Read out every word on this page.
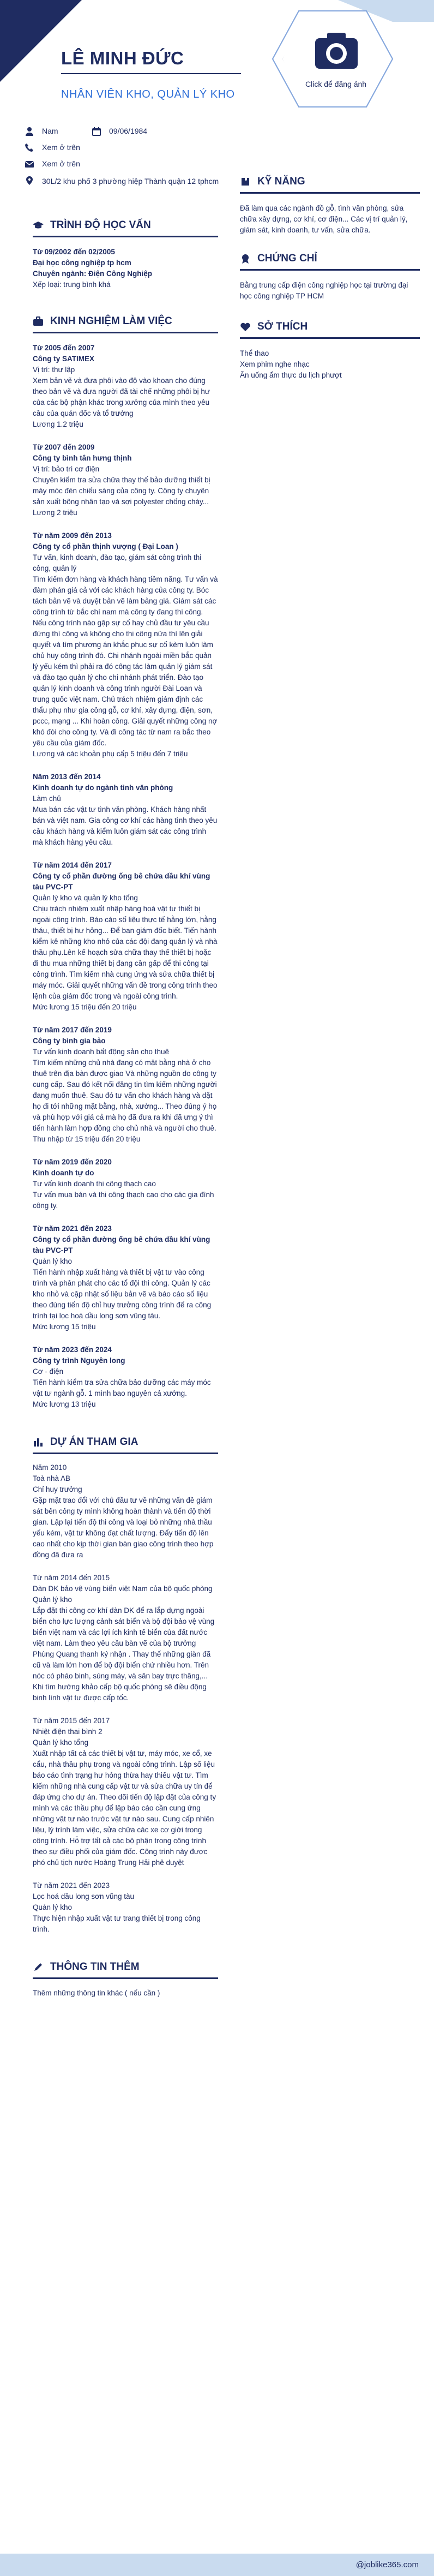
LÊ MINH ĐỨC
NHÂN VIÊN KHO, QUẢN LÝ KHO
Click để đăng ảnh
Nam	09/06/1984
Xem ở trên
Xem ở trên
30L/2 khu phố 3 phường hiệp Thành quận 12 tphcm
TRÌNH ĐỘ HỌC VẤN
Từ 09/2002 đến 02/2005
Đại học công nghiệp tp hcm
Chuyên ngành: Điện Công Nghiệp
Xếp loại: trung bình khá
KINH NGHIỆM LÀM VIỆC
Từ 2005 đến 2007
Công ty SATIMEX
Vị trí: thư lập
Xem bản vẽ và đưa phôi vào độ vào khoan cho đúng theo bản vẽ và đưa người đã tài chế những phôi bị hư của các bộ phận khác trong xưởng của mình theo yêu cầu của quản đốc và tổ trưởng
Lương 1.2 triệu
Từ 2007 đến 2009
Công ty bình tân hưng thịnh
Vị trí: bảo trì cơ điện
Chuyên kiểm tra sửa chữa thay thế bảo dưỡng thiết bị máy móc đèn chiếu sáng của công ty. Công ty chuyên sản xuất bông nhân tạo và sợi polyester chống cháy...
Lương 2 triệu
Từ năm 2009 đến 2013
Công ty cổ phần thịnh vượng ( Đại Loan )
Tư vấn, kinh doanh, đào tạo, giám sát công trình thi công, quản lý
Tìm kiếm đơn hàng và khách hàng tiềm năng. Tư vấn và đàm phán giá cả với các khách hàng của công ty. Bóc tách bản vẽ và duyệt bản vẽ làm bảng giá. Giám sát các công trình từ bắc chí nam mà công ty đang thi công. Nếu công trình nào gặp sự cố hay chủ đầu tư yêu cầu đứng thì công và không cho thi công nữa thì lên giải quyết và tìm phương án khắc phục sự cố kèm luôn làm chủ huy công trình đó. Chi nhánh ngoài miền bắc quản lý yếu kém thì phải ra đó công tác làm quản lý giám sát và đào tạo quản lý cho chi nhánh phát triển. Đào tạo quản lý kinh doanh và công trình người Đài Loan và trung quốc việt nam. Chủ trách nhiệm giám định các thẩu phụ như gia công gỗ, cơ khí, xây dựng, điện, sơn, pccc, mạng ... Khi hoàn công. Giải quyết những công nợ khó đòi cho công ty. Và đi công tác từ nam ra bắc theo yêu cầu của giám đốc.
Lương và các khoản phụ cấp 5 triệu đến 7 triệu
Năm 2013 đến 2014
Kinh doanh tự do ngành tình văn phòng
Làm chủ
Mua bán các vật tư tình văn phòng. Khách hàng nhất bán và việt nam. Gia công cơ khí các hàng tình theo yêu cầu khách hàng và kiểm luôn giám sát các công trình mà khách hàng yêu cầu.
Từ năm 2014 đến 2017
Công ty cổ phần đường ống bê chứa dầu khí vùng tàu PVC-PT
Quản lý kho và quản lý kho tổng
Chịu trách nhiệm xuất nhập hàng hoá vật tư thiết bị ngoài công trình. Báo cáo số liệu thực tế hằng lớn, hằng tháu, thiết bị hư hỏng... Để ban giám đốc biết. Tiến hành kiểm kê những kho nhỏ của các đội đang quản lý và nhà thầu phụ.Lên kế hoạch sửa chữa thay thế thiết bị hoặc đi thu mua những thiết bị đang cần gấp để thi công tại công trình. Tìm kiếm nhà cung ứng và sửa chữa thiết bị máy móc. Giải quyết những vấn đề trong công trình theo lệnh của giám đốc trong và ngoài công trình.
Mức lương 15 triệu đến 20 triệu
Từ năm 2017 đến 2019
Công ty bình gia bảo
Tư vấn kinh doanh bất động sản cho thuê
Tìm kiếm những chủ nhà đang có mặt bằng nhà ở cho thuê trên địa bàn được giao Và những nguồn do công ty cung cấp. Sau đó kết nối đăng tin tìm kiếm những người đang muốn thuê. Sau đó tư vấn cho khách hàng và dặt họ đi tới những mặt bằng, nhà, xưởng... Theo đúng ý họ và phù hợp với giá cả mà họ đã đưa ra khi đã ưng ý thì tiến hành làm hợp đồng cho chủ nhà và người cho thuê.
Thu nhập từ 15 triệu đến 20 triệu
Từ năm 2019 đến 2020
Kinh doanh tự do
Tư vấn kinh doanh thi công thạch cao
Tư vấn mua bán và thi công thạch cao cho các gia đình công ty.
Từ năm 2021 đến 2023
Công ty cổ phần đường ống bê chứa dầu khí vùng tàu PVC-PT
Quản lý kho
Tiến hành nhập xuất hàng và thiết bị vật tư vào công trình và phân phát cho các tổ đội thi công. Quản lý các kho nhỏ và cập nhật số liệu bản vẽ và báo cáo số liệu theo đúng tiến độ chỉ huy trưởng công trình để ra công trình tại lọc hoá dầu long sơn vũng tàu.
Mức lương 15 triệu
Từ năm 2023 đến 2024
Công ty trình Nguyên long
Cơ - điện
Tiến hành kiểm tra sửa chữa bảo dưỡng các máy móc vật tư ngành gỗ. 1 mình bao nguyên cả xưởng.
Mức lương 13 triệu
DỰ ÁN THAM GIA
Năm 2010
Toà nhà AB
Chỉ huy trưởng
Gặp mặt trao đổi với chủ đầu tư về những vấn đề giám sát bên công ty mình không hoàn thành và tiến độ thời gian. Lập lại tiến độ thi công và loại bỏ những nhà thầu yếu kém, vật tư không đạt chất lượng. Đẩy tiến độ lên cao nhất cho kịp thời gian bàn giao công trình theo hợp đồng đã đưa ra
Từ năm 2014 đến 2015
Dàn DK bảo vệ vùng biển việt Nam của bộ quốc phòng
Quản lý kho
Lắp đặt thi công cơ khí dàn DK để ra lắp dựng ngoài biển cho lực lượng cảnh sát biển và bộ đội bảo vệ vùng biển việt nam và các lợi ích kinh tế biển của đất nước việt nam. Làm theo yêu cầu bàn vẽ của bộ trưởng Phùng Quang thanh ký nhận . Thay thế những giàn đã cũ và làm lớn hơn để bộ đội biển chứ nhiều hơn. Trên nóc có pháo binh, súng máy, và sân bay trực thăng,... Khi tìm hướng khảo cấp bộ quốc phòng sẽ điều động binh lính vật tư được cấp tốc.
Từ năm 2015 đến 2017
Nhiệt điện thai bình 2
Quản lý kho tổng
Xuất nhập tất cả các thiết bị vật tư, máy móc, xe cổ, xe cẩu, nhà thầu phụ trong và ngoài công trình. Lập số liệu báo cáo tình trạng hư hỏng thừa hay thiếu vật tư. Tìm kiếm những nhà cung cấp vật tư và sửa chữa uy tín để đáp ứng cho dự án. Theo dõi tiến độ lập đặt của công ty mình và các thầu phụ để lập báo cáo cần cung ứng những vật tư nào trước vật tư nào sau. Cung cấp nhiên liệu, lý trình làm việc, sửa chữa các xe cơ giới trong công trình. Hỗ trợ tất cả các bộ phận trong công trình theo sự điều phối của giám đốc. Công trình này được phó chủ tịch nước Hoàng Trung Hải phê duyệt
Từ năm 2021 đến 2023
Lọc hoá dầu long sơn vũng tàu
Quản lý kho
Thực hiện nhập xuất vật tư trang thiết bị trong công trình.
THÔNG TIN THÊM
Thêm những thông tin khác ( nếu cần )
KỸ NĂNG
Đã làm qua các ngành đồ gỗ, tình văn phòng, sửa chữa xây dựng, cơ khí, cơ điện... Các vị trí quản lý, giám sát, kinh doanh, tư vấn, sửa chữa.
CHỨNG CHỈ
Bằng trung cấp điện công nghiệp học tại trường đại học công nghiệp TP HCM
SỞ THÍCH
Thể thao
Xem phim nghe nhạc
Ăn uống ẩm thực du lịch phượt
@joblike365.com
